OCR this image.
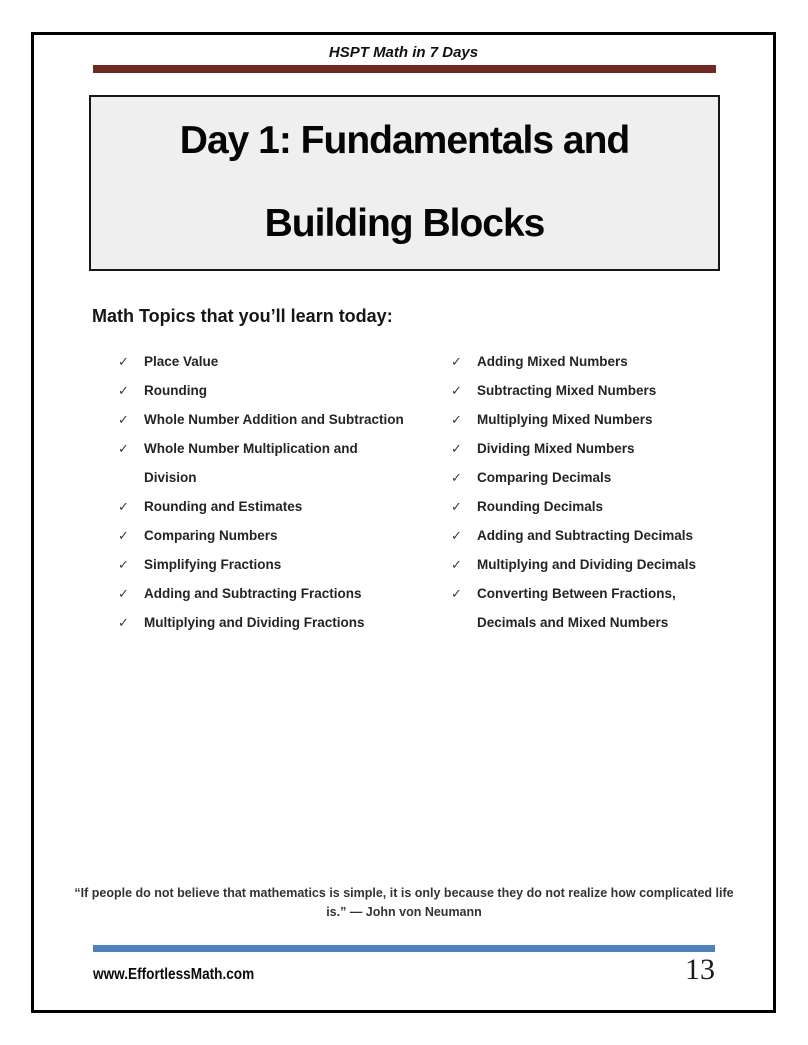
HSPT Math in 7 Days
Day 1: Fundamentals and
Building Blocks
Math Topics that you’ll learn today:
✓	Place Value
✓	Rounding
✓	Whole Number Addition and Subtraction
✓	Whole Number Multiplication and Division
✓	Rounding and Estimates
✓	Comparing Numbers
✓	Simplifying Fractions
✓	Adding and Subtracting Fractions
✓	Multiplying and Dividing Fractions
✓	Adding Mixed Numbers
✓	Subtracting Mixed Numbers
✓	Multiplying Mixed Numbers
✓	Dividing Mixed Numbers
✓	Comparing Decimals
✓	Rounding Decimals
✓	Adding and Subtracting Decimals
✓	Multiplying and Dividing Decimals
✓	Converting Between Fractions, Decimals and Mixed Numbers
“If people do not believe that mathematics is simple, it is only because they do not realize how complicated life is.” — John von Neumann
www.EffortlessMath.com	13
